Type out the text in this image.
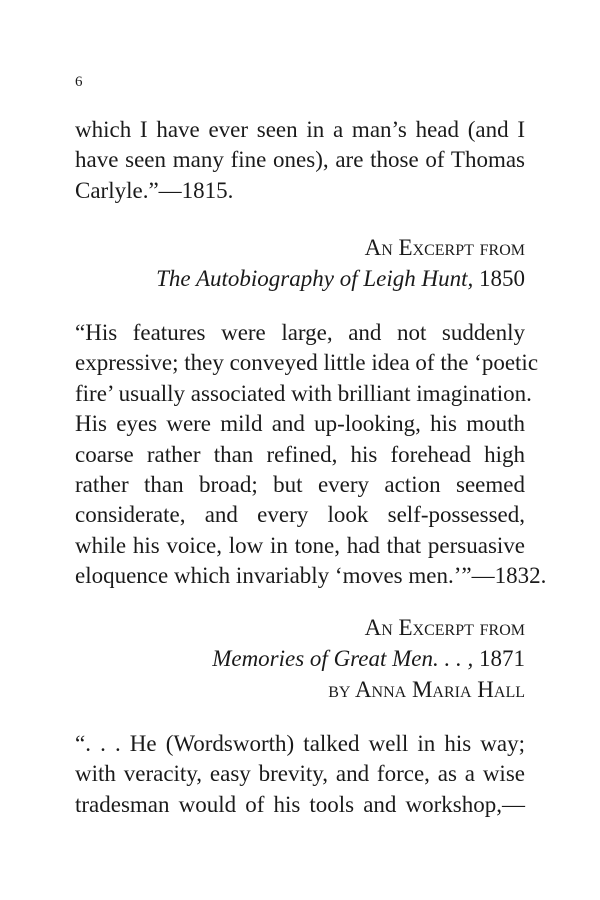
6
which I have ever seen in a man’s head (and I
have seen many fine ones), are those of Thomas
Carlyle.”—1815.
An Excerpt from
The Autobiography of Leigh Hunt, 1850
“His features were large, and not suddenly
expressive; they conveyed little idea of the ‘poetic
fire’ usually associated with brilliant imagination.
His eyes were mild and up-looking, his mouth
coarse rather than refined, his forehead high
rather than broad; but every action seemed
considerate, and every look self-possessed,
while his voice, low in tone, had that persuasive
eloquence which invariably ‘moves men.’”—1832.
An Excerpt from
Memories of Great Men. . . , 1871
by Anna Maria Hall
“. . . He (Wordsworth) talked well in his way;
with veracity, easy brevity, and force, as a wise
tradesman would of his tools and workshop,—
